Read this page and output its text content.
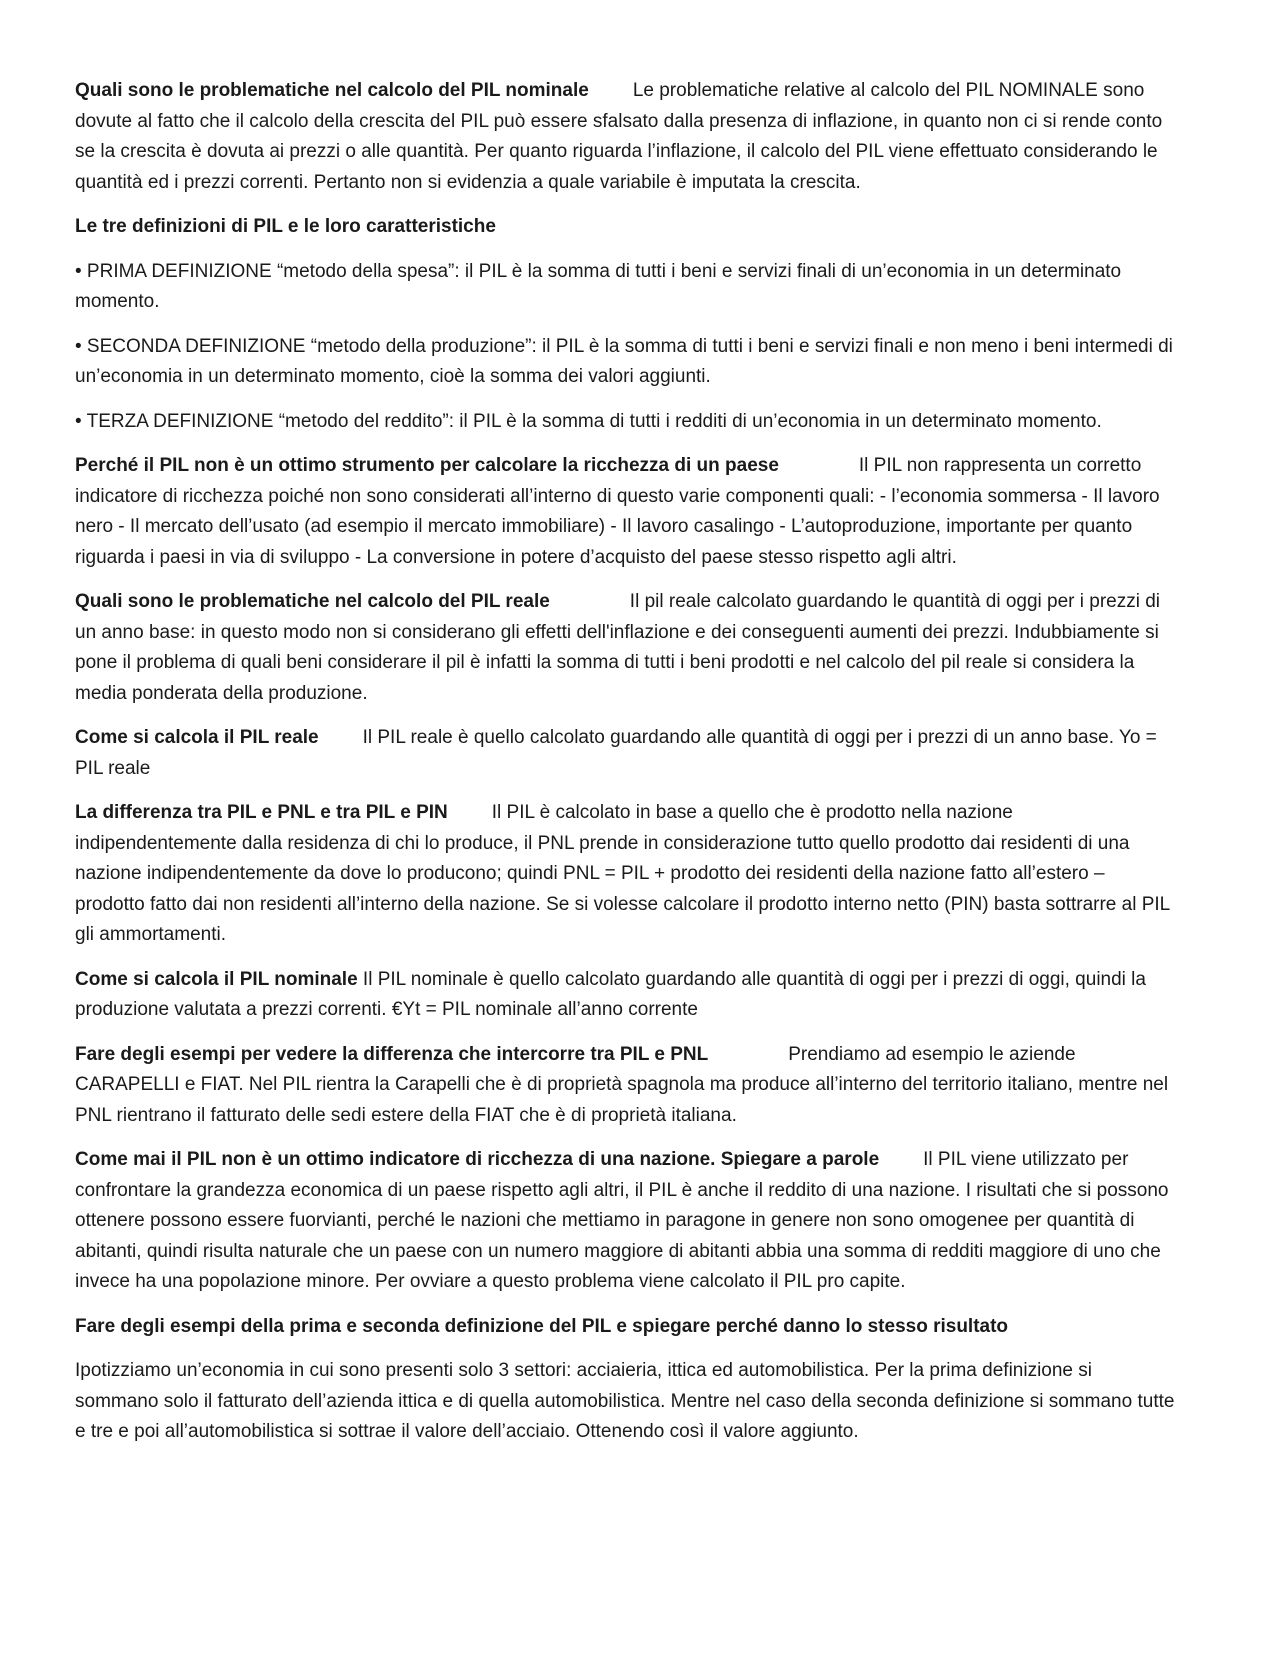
Quali sono le problematiche nel calcolo del PIL nominale Le problematiche relative al calcolo del PIL NOMINALE sono dovute al fatto che il calcolo della crescita del PIL può essere sfalsato dalla presenza di inflazione, in quanto non ci si rende conto se la crescita è dovuta ai prezzi o alle quantità. Per quanto riguarda l’inflazione, il calcolo del PIL viene effettuato considerando le quantità ed i prezzi correnti. Pertanto non si evidenzia a quale variabile è imputata la crescita.

Le tre definizioni di PIL e le loro caratteristiche

• PRIMA DEFINIZIONE “metodo della spesa”: il PIL è la somma di tutti i beni e servizi finali di un’economia in un determinato momento.

• SECONDA DEFINIZIONE “metodo della produzione”: il PIL è la somma di tutti i beni e servizi finali e non meno i beni intermedi di un’economia in un determinato momento, cioè la somma dei valori aggiunti.

• TERZA DEFINIZIONE “metodo del reddito”: il PIL è la somma di tutti i redditi di un’economia in un determinato momento.

Perché il PIL non è un ottimo strumento per calcolare la ricchezza di un paese	Il PIL non rappresenta un corretto indicatore di ricchezza poiché non sono considerati all’interno di questo varie componenti quali: - l’economia sommersa - Il lavoro nero - Il mercato dell’usato (ad esempio il mercato immobiliare) - Il lavoro casalingo - L’autoproduzione, importante per quanto riguarda i paesi in via di sviluppo - La conversione in potere d’acquisto del paese stesso rispetto agli altri.

Quali sono le problematiche nel calcolo del PIL reale	Il pil reale calcolato guardando le quantità di oggi per i prezzi di un anno base: in questo modo non si considerano gli effetti dell'inflazione e dei conseguenti aumenti dei prezzi. Indubbiamente si pone il problema di quali beni considerare il pil è infatti la somma di tutti i beni prodotti e nel calcolo del pil reale si considera la media ponderata della produzione.

Come si calcola il PIL reale Il PIL reale è quello calcolato guardando alle quantità di oggi per i prezzi di un anno base. Yo = PIL reale

La differenza tra PIL e PNL e tra PIL e PIN Il PIL è calcolato in base a quello che è prodotto nella nazione indipendentemente dalla residenza di chi lo produce, il PNL prende in considerazione tutto quello prodotto dai residenti di una nazione indipendentemente da dove lo producono; quindi PNL = PIL + prodotto dei residenti della nazione fatto all’estero – prodotto fatto dai non residenti all’interno della nazione. Se si volesse calcolare il prodotto interno netto (PIN) basta sottrarre al PIL gli ammortamenti.

Come si calcola il PIL nominale Il PIL nominale è quello calcolato guardando alle quantità di oggi per i prezzi di oggi, quindi la produzione valutata a prezzi correnti. €Yt = PIL nominale all’anno corrente

Fare degli esempi per vedere la differenza che intercorre tra PIL e PNL	Prendiamo ad esempio le aziende CARAPELLI e FIAT. Nel PIL rientra la Carapelli che è di proprietà spagnola ma produce all’interno del territorio italiano, mentre nel PNL rientrano il fatturato delle sedi estere della FIAT che è di proprietà italiana.

Come mai il PIL non è un ottimo indicatore di ricchezza di una nazione. Spiegare a parole Il PIL viene utilizzato per confrontare la grandezza economica di un paese rispetto agli altri, il PIL è anche il reddito di una nazione. I risultati che si possono ottenere possono essere fuorvianti, perché le nazioni che mettiamo in paragone in genere non sono omogenee per quantità di abitanti, quindi risulta naturale che un paese con un numero maggiore di abitanti abbia una somma di redditi maggiore di uno che invece ha una popolazione minore. Per ovviare a questo problema viene calcolato il PIL pro capite.

Fare degli esempi della prima e seconda definizione del PIL e spiegare perché danno lo stesso risultato

Ipotizziamo un’economia in cui sono presenti solo 3 settori: acciaieria, ittica ed automobilistica. Per la prima definizione si sommano solo il fatturato dell’azienda ittica e di quella automobilistica. Mentre nel caso della seconda definizione si sommano tutte e tre e poi all’automobilistica si sottrae il valore dell’acciaio. Ottenendo così il valore aggiunto.
